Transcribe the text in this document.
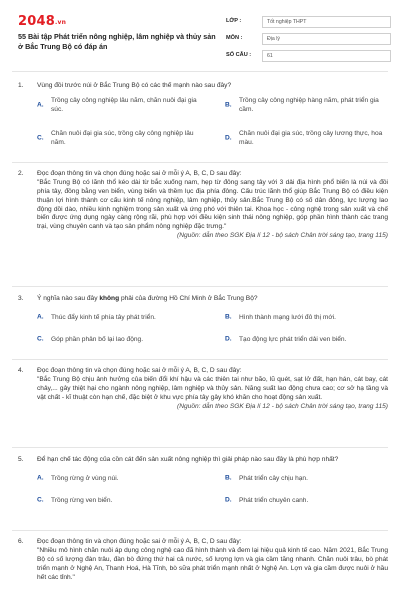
2048.vn
55 Bài tập Phát triển nông nghiệp, lâm nghiệp và thủy sản ở Bắc Trung Bộ có đáp án
LỚP :	Tốt nghiệp THPT
MÔN :	Địa lý
SỐ CÂU :	61
1.	Vùng đồi trước núi ở Bắc Trung Bộ có các thế mạnh nào sau đây?
A.
Trồng cây công nghiệp lâu năm, chăn nuôi đại gia súc.
B.
Trồng cây công nghiệp hàng năm, phát triển gia cầm.
C.
Chăn nuôi đại gia súc, trồng cây công nghiệp lâu năm.
D.
Chăn nuôi đại gia súc, trồng cây lương thực, hoa màu.
2.	Đọc đoạn thông tin và chọn đúng hoặc sai ở mỗi ý A, B, C, D sau đây:
"Bắc Trung Bộ có lãnh thổ kéo dài từ bắc xuống nam, hẹp từ đông sang tây với 3 dải địa hình phổ biến là núi và đồi phía tây, đồng bằng ven biển, vùng biển và thềm lục địa phía đông. Cấu trúc lãnh thổ giúp Bắc Trung Bộ có điều kiện thuận lợi hình thành cơ cấu kinh tế nông nghiệp, lâm nghiệp, thủy sản.Bắc Trung Bộ có số dân đông, lực lượng lao động dồi dào, nhiều kinh nghiệm trong sản xuất và ứng phó với thiên tai. Khoa học - công nghệ trong sản xuất và chế biến được ứng dụng ngày càng rộng rãi, phù hợp với điều kiện sinh thái nông nghiệp, góp phần hình thành các trang trại, vùng chuyên canh và tạo sản phẩm nông nghiệp đặc trưng."
(Nguồn: dẫn theo SGK Địa lí 12 - bộ sách Chân trời sáng tạo, trang 115)
3.	Ý nghĩa nào sau đây không phải của đường Hồ Chí Minh ở Bắc Trung Bộ?
A. Thúc đẩy kinh tế phía tây phát triển.	B. Hình thành mạng lưới đô thị mới.
C. Góp phần phân bố lại lao động.	D. Tạo động lực phát triển dải ven biển.
4.	Đọc đoạn thông tin và chọn đúng hoặc sai ở mỗi ý A, B, C, D sau đây:
"Bắc Trung Bộ chịu ảnh hưởng của biến đổi khí hậu và các thiên tai như bão, lũ quét, sạt lở đất, hạn hán, cát bay, cát chảy,... gây thiệt hại cho ngành nông nghiệp, lâm nghiệp và thủy sản. Năng suất lao động chưa cao; cơ sở hạ tầng và vật chất - kĩ thuật còn hạn chế, đặc biệt ở khu vực phía tây gây khó khăn cho hoạt động sản xuất.
(Nguồn: dẫn theo SGK Địa lí 12 - bộ sách Chân trời sáng tạo, trang 115)
5.	Để hạn chế tác động của cồn cát đến sản xuất nông nghiệp thì giải pháp nào sau đây là phù hợp nhất?
A. Trồng rừng ở vùng núi.	B. Phát triển cây chịu hạn.
C. Trồng rừng ven biển.	D. Phát triển chuyên canh.
6.	Đọc đoạn thông tin và chọn đúng hoặc sai ở mỗi ý A, B, C, D sau đây:
"Nhiều mô hình chăn nuôi áp dụng công nghệ cao đã hình thành và đem lại hiệu quả kinh tế cao. Năm 2021, Bắc Trung Bộ có số lượng đàn trâu, đàn bò đứng thứ hai cả nước, số lượng lợn và gia cầm tăng nhanh. Chăn nuôi trâu, bò phát triển mạnh ở Nghệ An, Thanh Hoá, Hà Tĩnh, bò sữa phát triển mạnh nhất ở Nghệ An. Lợn và gia cầm được nuôi ở hầu hết các tỉnh."
